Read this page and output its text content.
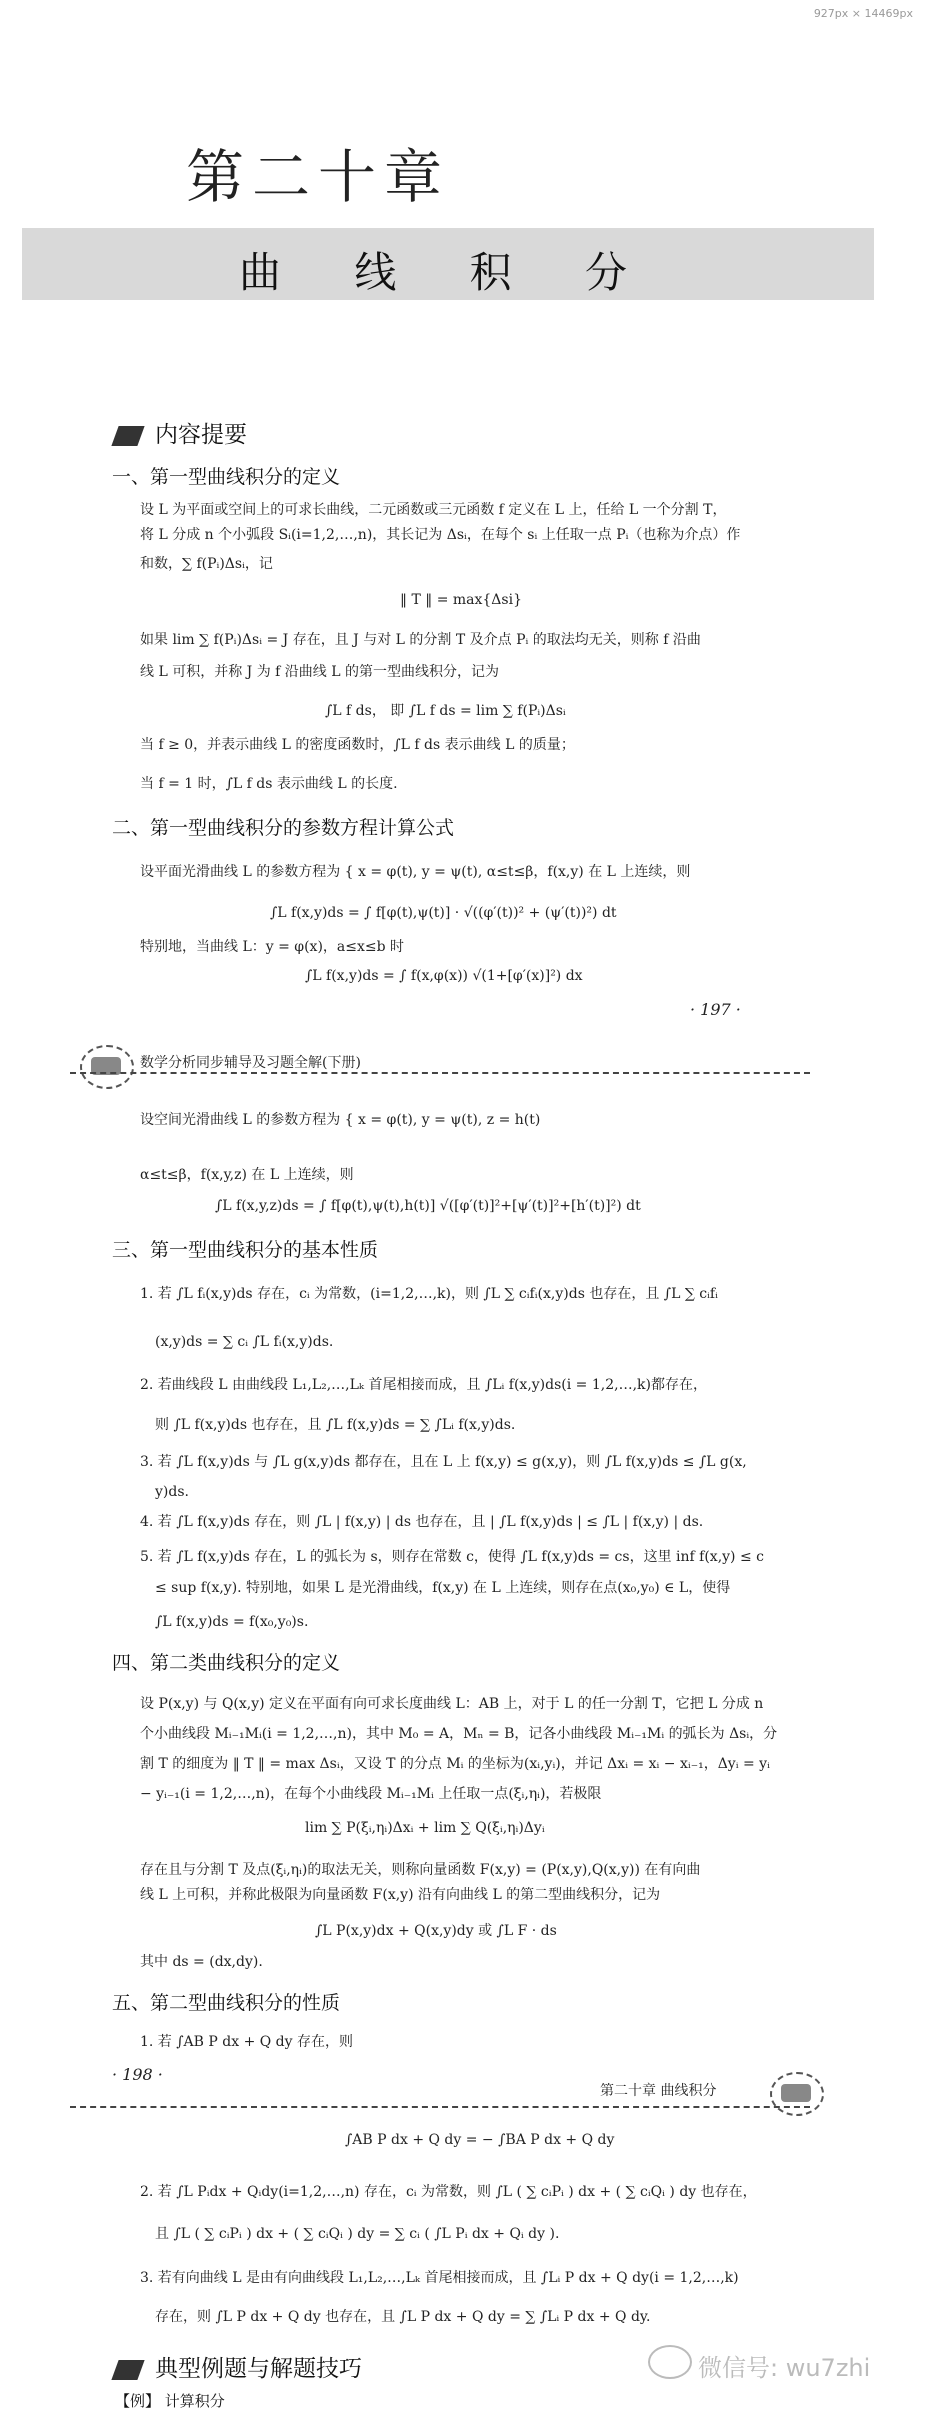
927px × 14469px
第二十章
曲 线 积 分
内容提要
一、第一型曲线积分的定义
设 L 为平面或空间上的可求长曲线，二元函数或三元函数 f 定义在 L 上，任给 L 一个分割 T，
将 L 分成 n 个小弧段 Sᵢ(i=1,2,…,n)，其长记为 Δsᵢ，在每个 sᵢ 上任取一点 Pᵢ（也称为介点）作
和数，∑ f(Pᵢ)Δsᵢ，记
‖ T ‖ = max{Δsi}
如果 lim ∑ f(Pᵢ)Δsᵢ = J 存在，且 J 与对 L 的分割 T 及介点 Pᵢ 的取法均无关，则称 f 沿曲
线 L 可积，并称 J 为 f 沿曲线 L 的第一型曲线积分，记为
∫L f ds， 即 ∫L f ds = lim ∑ f(Pᵢ)Δsᵢ
当 f ≥ 0，并表示曲线 L 的密度函数时，∫L f ds 表示曲线 L 的质量；
当 f = 1 时，∫L f ds 表示曲线 L 的长度.
二、第一型曲线积分的参数方程计算公式
设平面光滑曲线 L 的参数方程为 { x = φ(t), y = ψ(t), α≤t≤β，f(x,y) 在 L 上连续，则
∫L f(x,y)ds = ∫ f[φ(t),ψ(t)] · √((φ′(t))² + (ψ′(t))²) dt
特别地，当曲线 L：y = φ(x)，a≤x≤b 时
∫L f(x,y)ds = ∫ f(x,φ(x)) √(1+[φ′(x)]²) dx
· 197 ·
数学分析同步辅导及习题全解(下册)
设空间光滑曲线 L 的参数方程为 { x = φ(t), y = ψ(t), z = h(t)
α≤t≤β，f(x,y,z) 在 L 上连续，则
∫L f(x,y,z)ds = ∫ f[φ(t),ψ(t),h(t)] √([φ′(t)]²+[ψ′(t)]²+[h′(t)]²) dt
三、第一型曲线积分的基本性质
1. 若 ∫L fᵢ(x,y)ds 存在，cᵢ 为常数，(i=1,2,…,k)，则 ∫L ∑ cᵢfᵢ(x,y)ds 也存在，且 ∫L ∑ cᵢfᵢ
(x,y)ds = ∑ cᵢ ∫L fᵢ(x,y)ds.
2. 若曲线段 L 由曲线段 L₁,L₂,…,Lₖ 首尾相接而成，且 ∫Lᵢ f(x,y)ds(i = 1,2,…,k)都存在，
则 ∫L f(x,y)ds 也存在，且 ∫L f(x,y)ds = ∑ ∫Lᵢ f(x,y)ds.
3. 若 ∫L f(x,y)ds 与 ∫L g(x,y)ds 都存在，且在 L 上 f(x,y) ≤ g(x,y)，则 ∫L f(x,y)ds ≤ ∫L g(x,
y)ds.
4. 若 ∫L f(x,y)ds 存在，则 ∫L | f(x,y) | ds 也存在，且 | ∫L f(x,y)ds | ≤ ∫L | f(x,y) | ds.
5. 若 ∫L f(x,y)ds 存在，L 的弧长为 s，则存在常数 c，使得 ∫L f(x,y)ds = cs，这里 inf f(x,y) ≤ c
≤ sup f(x,y). 特别地，如果 L 是光滑曲线，f(x,y) 在 L 上连续，则存在点(x₀,y₀) ∈ L，使得
∫L f(x,y)ds = f(x₀,y₀)s.
四、第二类曲线积分的定义
设 P(x,y) 与 Q(x,y) 定义在平面有向可求长度曲线 L：AB 上，对于 L 的任一分割 T，它把 L 分成 n
个小曲线段 Mᵢ₋₁Mᵢ(i = 1,2,…,n)，其中 M₀ = A，Mₙ = B，记各小曲线段 Mᵢ₋₁Mᵢ 的弧长为 Δsᵢ，分
割 T 的细度为 ‖ T ‖ = max Δsᵢ，又设 T 的分点 Mᵢ 的坐标为(xᵢ,yᵢ)，并记 Δxᵢ = xᵢ − xᵢ₋₁，Δyᵢ = yᵢ
− yᵢ₋₁(i = 1,2,…,n)，在每个小曲线段 Mᵢ₋₁Mᵢ 上任取一点(ξᵢ,ηᵢ)，若极限
lim ∑ P(ξᵢ,ηᵢ)Δxᵢ + lim ∑ Q(ξᵢ,ηᵢ)Δyᵢ
存在且与分割 T 及点(ξᵢ,ηᵢ)的取法无关，则称向量函数 F(x,y) = (P(x,y),Q(x,y)) 在有向曲
线 L 上可积，并称此极限为向量函数 F(x,y) 沿有向曲线 L 的第二型曲线积分，记为
∫L P(x,y)dx + Q(x,y)dy 或 ∫L F · ds
其中 ds = (dx,dy).
五、第二型曲线积分的性质
1. 若 ∫AB P dx + Q dy 存在，则
· 198 ·
第二十章 曲线积分
∫AB P dx + Q dy = − ∫BA P dx + Q dy
2. 若 ∫L Pᵢdx + Qᵢdy(i=1,2,…,n) 存在，cᵢ 为常数，则 ∫L ( ∑ cᵢPᵢ ) dx + ( ∑ cᵢQᵢ ) dy 也存在，
且 ∫L ( ∑ cᵢPᵢ ) dx + ( ∑ cᵢQᵢ ) dy = ∑ cᵢ ( ∫L Pᵢ dx + Qᵢ dy ).
3. 若有向曲线 L 是由有向曲线段 L₁,L₂,…,Lₖ 首尾相接而成，且 ∫Lᵢ P dx + Q dy(i = 1,2,…,k)
存在，则 ∫L P dx + Q dy 也存在，且 ∫L P dx + Q dy = ∑ ∫Lᵢ P dx + Q dy.
典型例题与解题技巧
【例】 计算积分
微信号: wu7zhi
